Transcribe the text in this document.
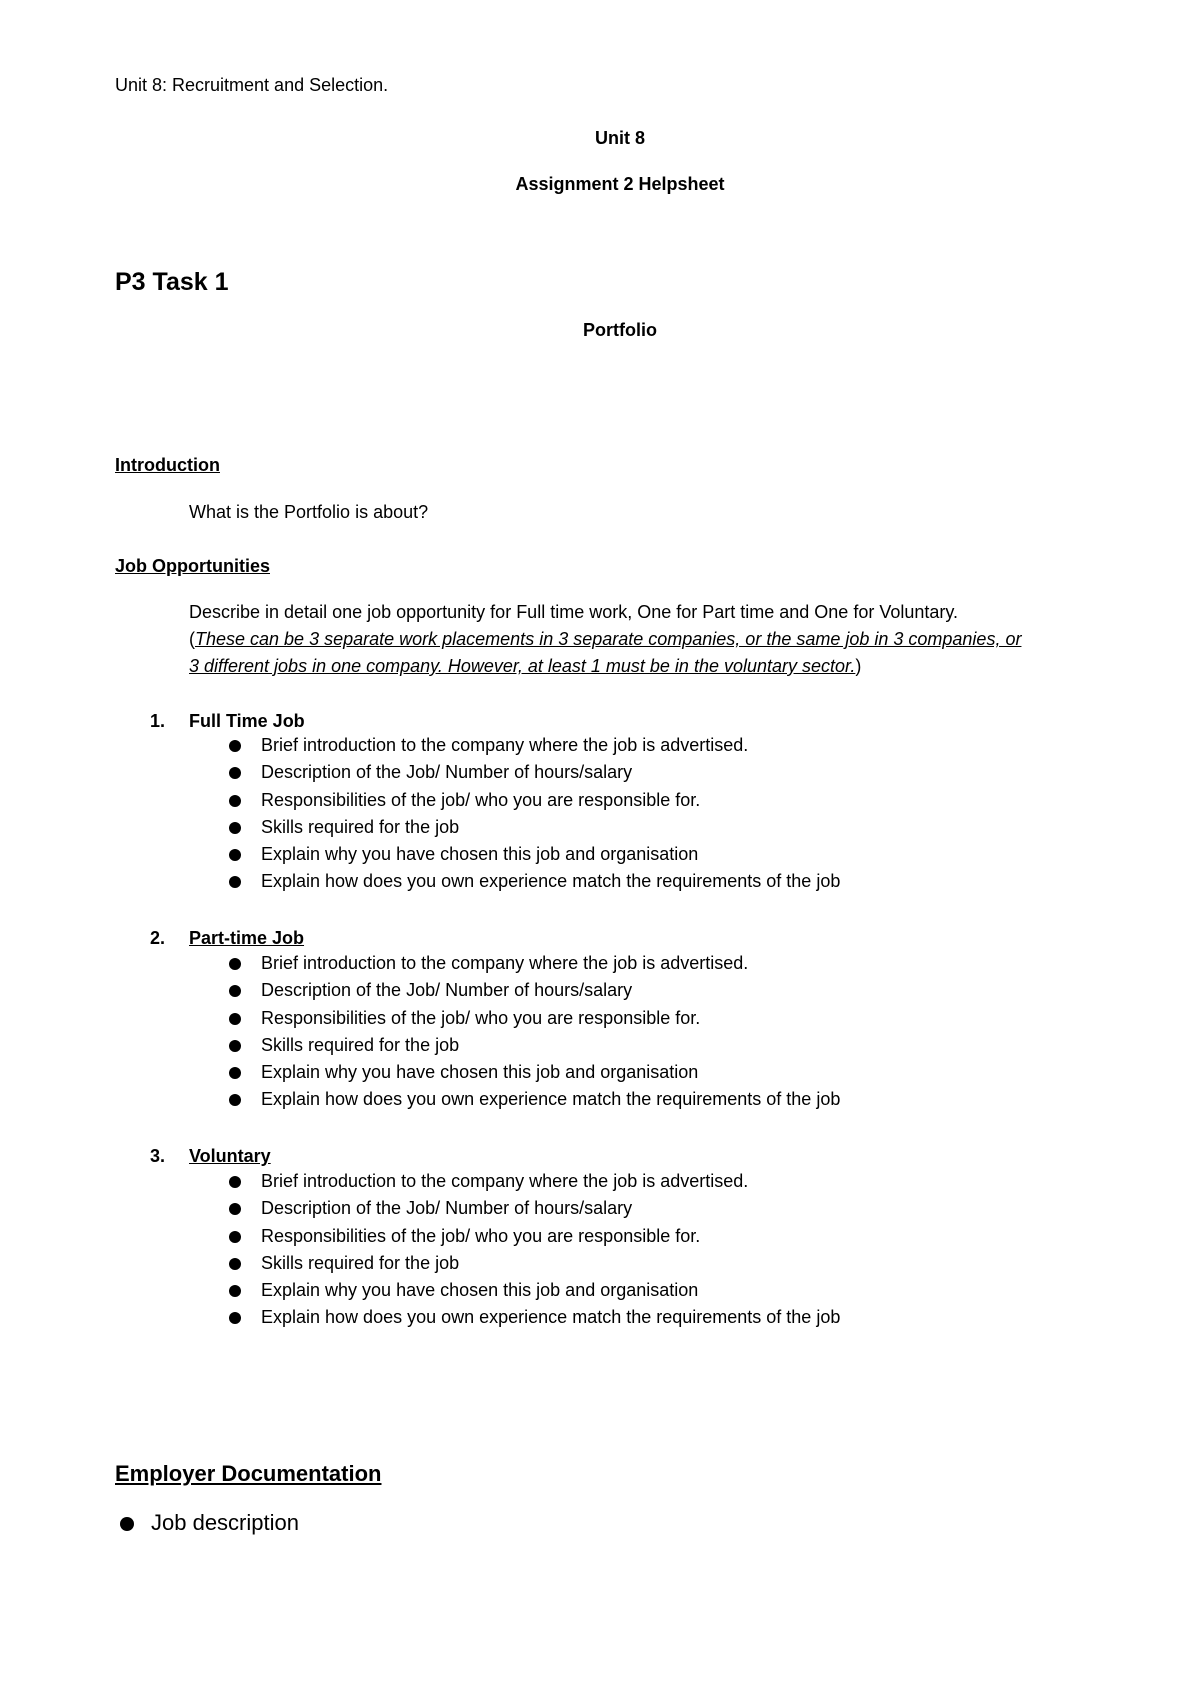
Unit 8: Recruitment and Selection.
Unit 8
Assignment 2 Helpsheet
P3 Task 1
Portfolio
Introduction
What is the Portfolio is about?
Job Opportunities
Describe in detail one job opportunity for Full time work, One for Part time and One for Voluntary.
(These can be 3 separate work placements in 3 separate companies, or the same job in 3 companies, or
3 different jobs in one company. However, at least 1 must be in the voluntary sector.)
1. Full Time Job
Brief introduction to the company where the job is advertised.
Description of the Job/ Number of hours/salary
Responsibilities of the job/ who you are responsible for.
Skills required for the job
Explain why you have chosen this job and organisation
Explain how does you own experience match the requirements of the job
2. Part-time Job
Brief introduction to the company where the job is advertised.
Description of the Job/ Number of hours/salary
Responsibilities of the job/ who you are responsible for.
Skills required for the job
Explain why you have chosen this job and organisation
Explain how does you own experience match the requirements of the job
3. Voluntary
Brief introduction to the company where the job is advertised.
Description of the Job/ Number of hours/salary
Responsibilities of the job/ who you are responsible for.
Skills required for the job
Explain why you have chosen this job and organisation
Explain how does you own experience match the requirements of the job
Employer Documentation
Job description
